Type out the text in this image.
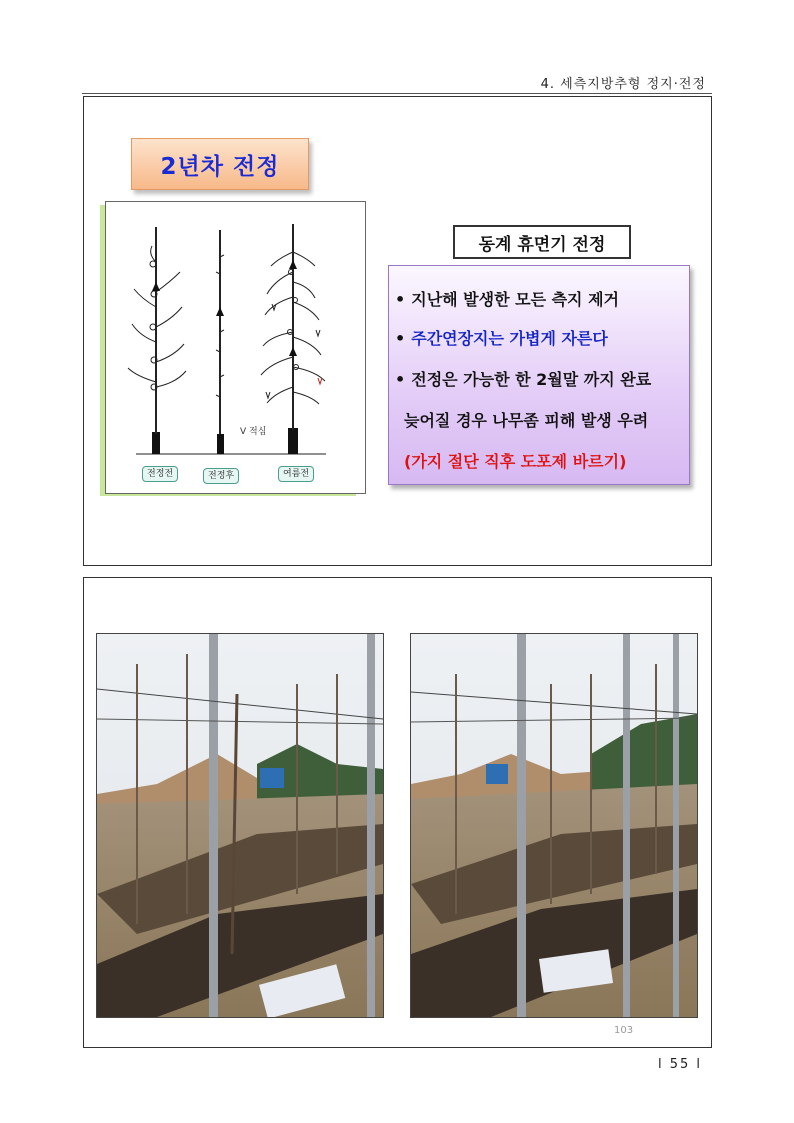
4. 세측지방추형 정지·전정
2년차 전정
전정전	전정후	여름전
V 적심
동계 휴면기 전정
• 지난해 발생한 모든 측지 제거
• 주간연장지는 가볍게 자른다
• 전정은 가능한 한 2월말 까지 완료
늦어질 경우 나무좀 피해 발생 우려
(가지 절단 직후 도포제 바르기)
103
l 55 l
